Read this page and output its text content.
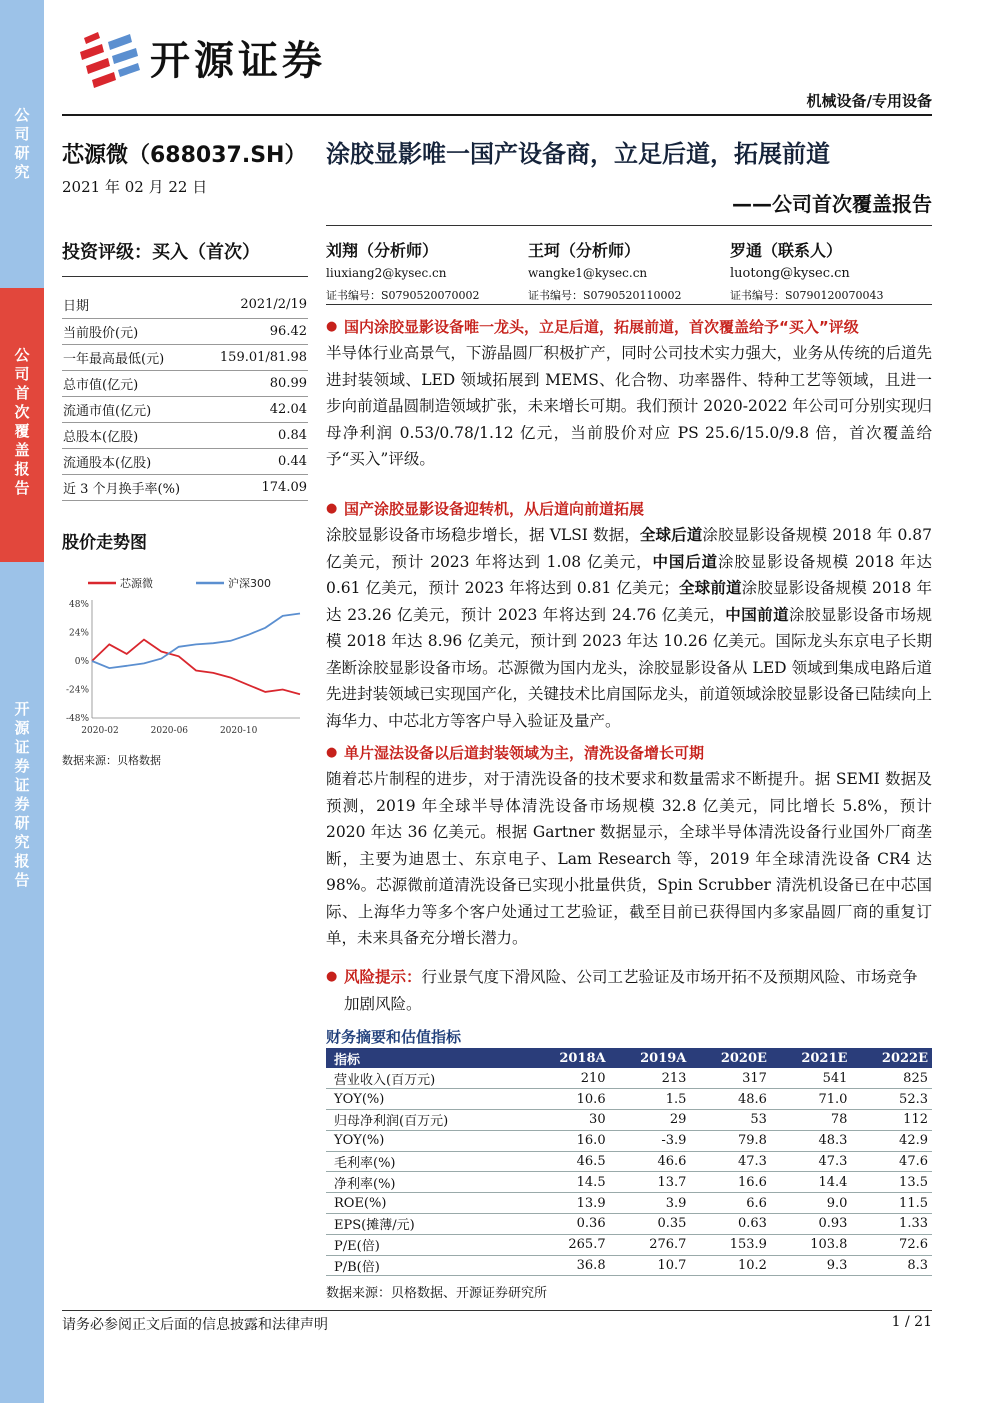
公司研究
公司首次覆盖报告
开源证券 证券研究报告
开源证券
机械设备/专用设备
芯源微（688037.SH）
2021 年 02 月 22 日
涂胶显影唯一国产设备商，立足后道，拓展前道
——公司首次覆盖报告
投资评级：买入（首次）	刘翔（分析师）
liuxiang2@kysec.cn
证书编号：S0790520070002
王珂（分析师）
wangke1@kysec.cn
证书编号：S0790520110002
罗通（联系人）
luotong@kysec.cn
证书编号：S0790120070043
日期	2021/2/19
当前股价(元)	96.42
一年最高最低(元)	159.01/81.98
总市值(亿元)	80.99
流通市值(亿元)	42.04
总股本(亿股)	0.84
流通股本(亿股)	0.44
近 3 个月换手率(%)	174.09
股价走势图
芯源微	沪深300
48%
24%
0%
-24%
-48%
2020-02	2020-06	2020-10
数据来源：贝格数据
● 国内涂胶显影设备唯一龙头，立足后道，拓展前道，首次覆盖给予“买入”评级
半导体行业高景气，下游晶圆厂积极扩产，同时公司技术实力强大，业务从传统的后道先进封装领域、LED 领域拓展到 MEMS、化合物、功率器件、特种工艺等领域，且进一步向前道晶圆制造领域扩张，未来增长可期。我们预计 2020-2022 年公司可分别实现归母净利润 0.53/0.78/1.12 亿元，当前股价对应 PS 25.6/15.0/9.8 倍，首次覆盖给予“买入”评级。
● 国产涂胶显影设备迎转机，从后道向前道拓展
涂胶显影设备市场稳步增长，据 VLSI 数据，全球后道涂胶显影设备规模 2018 年 0.87 亿美元，预计 2023 年将达到 1.08 亿美元，中国后道涂胶显影设备规模 2018 年达 0.61 亿美元，预计 2023 年将达到 0.81 亿美元；全球前道涂胶显影设备规模 2018 年达 23.26 亿美元，预计 2023 年将达到 24.76 亿美元，中国前道涂胶显影设备市场规模 2018 年达 8.96 亿美元，预计到 2023 年达 10.26 亿美元。国际龙头东京电子长期垄断涂胶显影设备市场。芯源微为国内龙头，涂胶显影设备从 LED 领域到集成电路后道先进封装领域已实现国产化，关键技术比肩国际龙头，前道领域涂胶显影设备已陆续向上海华力、中芯北方等客户导入验证及量产。
● 单片湿法设备以后道封装领域为主，清洗设备增长可期
随着芯片制程的进步，对于清洗设备的技术要求和数量需求不断提升。据 SEMI 数据及预测，2019 年全球半导体清洗设备市场规模 32.8 亿美元，同比增长 5.8%，预计 2020 年达 36 亿美元。根据 Gartner 数据显示，全球半导体清洗设备行业国外厂商垄断，主要为迪恩士、东京电子、Lam Research 等，2019 年全球清洗设备 CR4 达 98%。芯源微前道清洗设备已实现小批量供货，Spin Scrubber 清洗机设备已在中芯国际、上海华力等多个客户处通过工艺验证，截至目前已获得国内多家晶圆厂商的重复订单，未来具备充分增长潜力。
● 风险提示：行业景气度下滑风险、公司工艺验证及市场开拓不及预期风险、市场竞争加剧风险。
财务摘要和估值指标
指标	2018A	2019A	2020E	2021E	2022E
营业收入(百万元)	210	213	317	541	825
YOY(%)	10.6	1.5	48.6	71.0	52.3
归母净利润(百万元)	30	29	53	78	112
YOY(%)	16.0	-3.9	79.8	48.3	42.9
毛利率(%)	46.5	46.6	47.3	47.3	47.6
净利率(%)	14.5	13.7	16.6	14.4	13.5
ROE(%)	13.9	3.9	6.6	9.0	11.5
EPS(摊薄/元)	0.36	0.35	0.63	0.93	1.33
P/E(倍)	265.7	276.7	153.9	103.8	72.6
P/B(倍)	36.8	10.7	10.2	9.3	8.3
数据来源：贝格数据、开源证券研究所
请务必参阅正文后面的信息披露和法律声明	1 / 21
